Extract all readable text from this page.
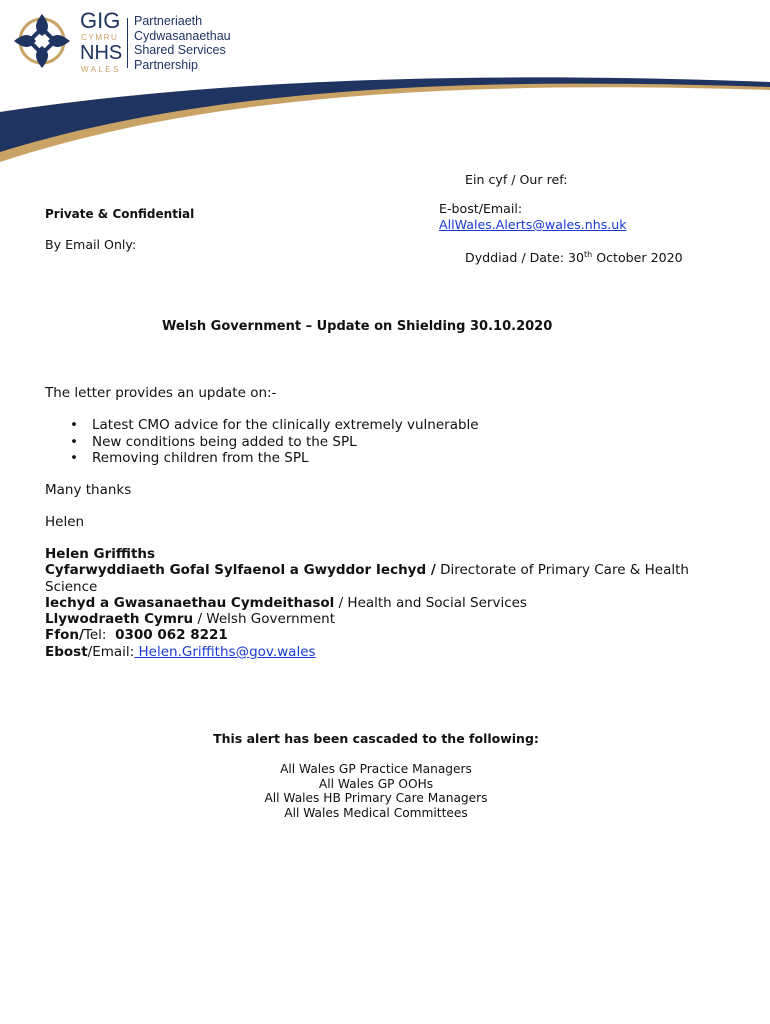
GIG
CYMRU
NHS
WALES
Partneriaeth
Cydwasanaethau
Shared Services
Partnership
Ein cyf / Our ref:
Private & Confidential	E-bost/Email:
AllWales.Alerts@wales.nhs.uk
By Email Only:
Dyddiad / Date: 30th October 2020
Welsh Government – Update on Shielding 30.10.2020
The letter provides an update on:-
• Latest CMO advice for the clinically extremely vulnerable
• New conditions being added to the SPL
• Removing children from the SPL
Many thanks
Helen
Helen Griffiths
Cyfarwyddiaeth Gofal Sylfaenol a Gwyddor Iechyd / Directorate of Primary Care & Health Science
Iechyd a Gwasanaethau Cymdeithasol / Health and Social Services
Llywodraeth Cymru / Welsh Government
Ffon/Tel:  0300 062 8221
Ebost/Email: Helen.Griffiths@gov.wales
This alert has been cascaded to the following:
All Wales GP Practice Managers
All Wales GP OOHs
All Wales HB Primary Care Managers
All Wales Medical Committees
